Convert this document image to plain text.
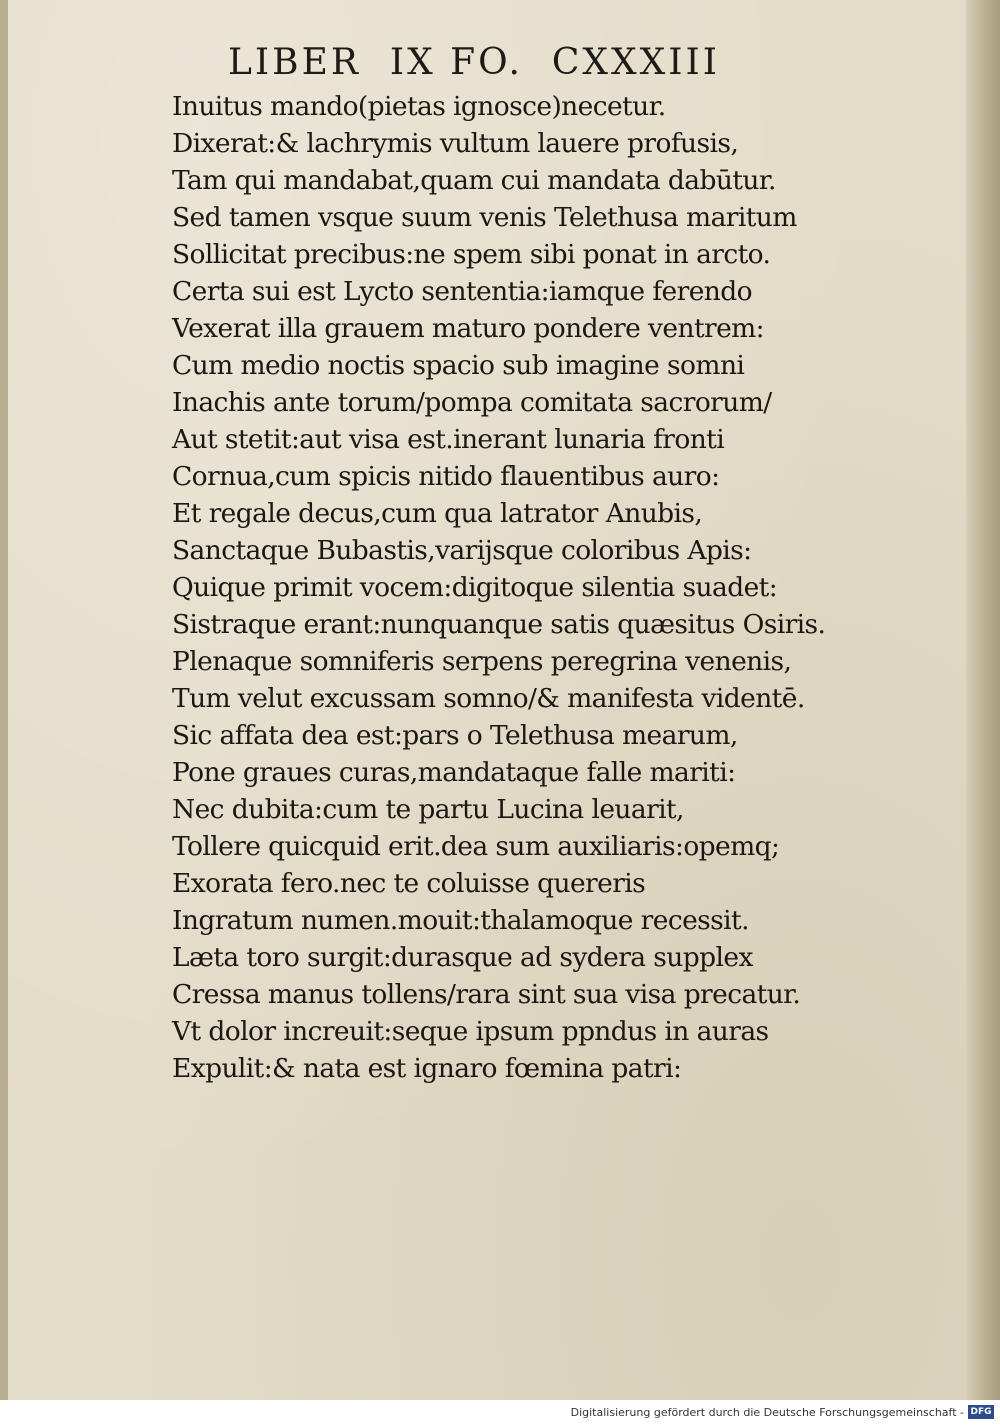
LIBER  IX FO.  CXXXIII
Inuitus mando(pietas ignosce)necetur.
Dixerat:& lachrymis vultum lauere profusis,
Tam qui mandabat,quam cui mandata dabūtur.
Sed tamen vsque suum venis Telethusa maritum
Sollicitat precibus:ne spem sibi ponat in arcto.
Certa sui est Lycto sententia:iamque ferendo
Vexerat illa grauem maturo pondere ventrem:
Cum medio noctis spacio sub imagine somni
Inachis ante torum/pompa comitata sacrorum/
Aut stetit:aut visa est.inerant lunaria fronti
Cornua,cum spicis nitido flauentibus auro:
Et regale decus,cum qua latrator Anubis,
Sanctaque Bubastis,varijsque coloribus Apis:
Quique primit vocem:digitoque silentia suadet:
Sistraque erant:nunquanque satis quæsitus Osiris.
Plenaque somniferis serpens peregrina venenis,
Tum velut excussam somno/& manifesta videntē.
Sic affata dea est:pars o Telethusa mearum,
Pone graues curas,mandataque falle mariti:
Nec dubita:cum te partu Lucina leuarit,
Tollere quicquid erit.dea sum auxiliaris:opemq;
Exorata fero.nec te coluisse quereris
Ingratum numen.mouit:thalamoque recessit.
Læta toro surgit:durasque ad sydera supplex
Cressa manus tollens/rara sint sua visa precatur.
Vt dolor increuit:seque ipsum ppndus in auras
Expulit:& nata est ignaro fœmina patri:
Digitalisierung gefördert durch die Deutsche Forschungsgemeinschaft - DFG
